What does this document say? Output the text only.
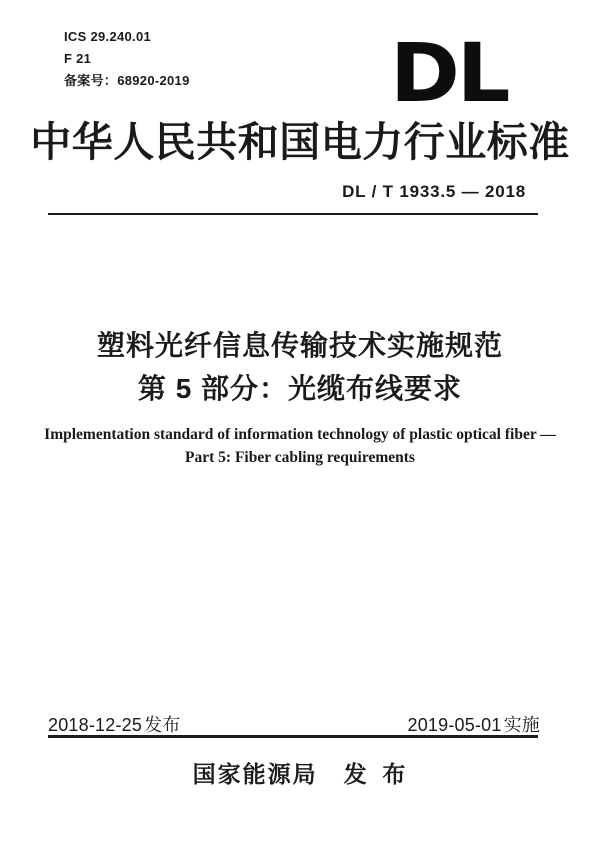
ICS 29.240.01
F 21
备案号：68920-2019 DL
中华人民共和国电力行业标准
DL / T 1933.5 — 2018
塑料光纤信息传输技术实施规范
第 5 部分：光缆布线要求
Implementation standard of information technology of plastic optical fiber —
Part 5: Fiber cabling requirements
2018-12-25 发布	2019-05-01 实施
国家能源局 发 布
